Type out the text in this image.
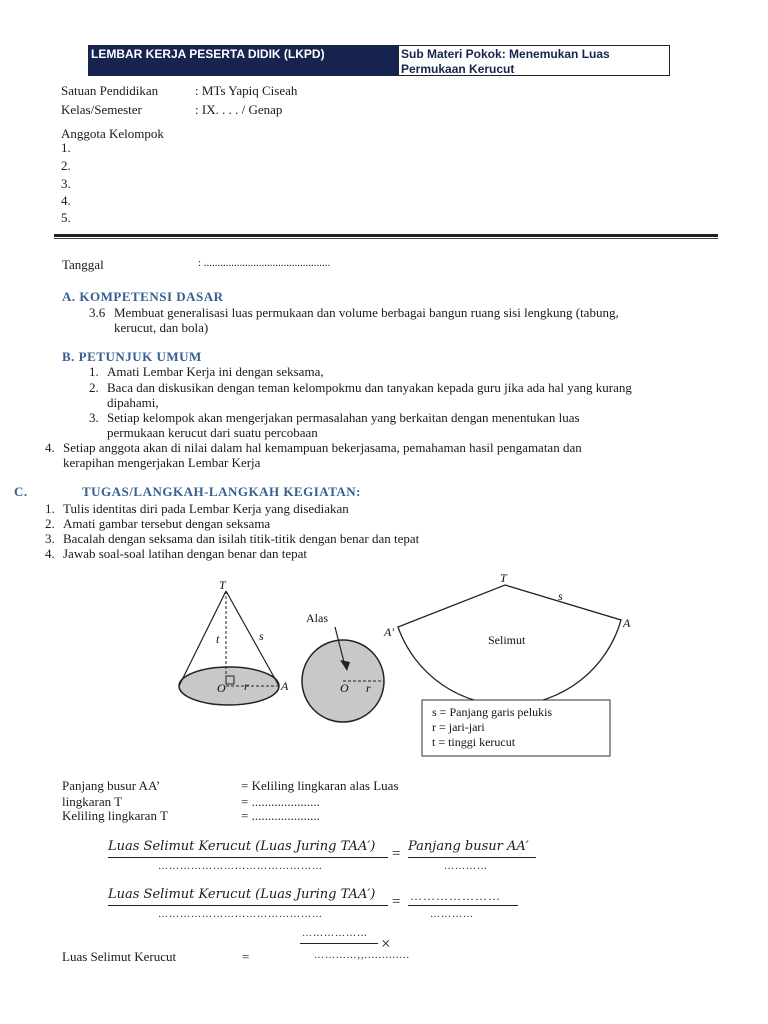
LEMBAR KERJA PESERTA DIDIK (LKPD)	Sub Materi Pokok: Menemukan Luas
Permukaan Kerucut
Satuan Pendidikan	: MTs Yapiq Ciseah
Kelas/Semester	: IX. . . . / Genap
Anggota Kelompok
1.
2.
3.
4.
5.
Tanggal	: ..............................................
A. KOMPETENSI DASAR
3.6 Membuat generalisasi luas permukaan dan volume berbagai bangun ruang sisi lengkung (tabung,
kerucut, dan bola)
B. PETUNJUK UMUM
1. Amati Lembar Kerja ini dengan seksama,
2. Baca dan diskusikan dengan teman kelompokmu dan tanyakan kepada guru jika ada hal yang kurang
dipahami,
3. Setiap kelompok akan mengerjakan permasalahan yang berkaitan dengan menentukan luas
permukaan kerucut dari suatu percobaan
4. Setiap anggota akan di nilai dalam hal kemampuan bekerjasama, pemahaman hasil pengamatan dan
kerapihan mengerjakan Lembar Kerja
C.	TUGAS/LANGKAH-LANGKAH KEGIATAN:
1. Tulis identitas diri pada Lembar Kerja yang disediakan
2. Amati gambar tersebut dengan seksama
3. Bacalah dengan seksama dan isilah titik-titik dengan benar dan tepat
4. Jawab soal-soal latihan dengan benar dan tepat
T
t	s
O r	A
Alas
O r
T
s
A'
A
Selimut
s = Panjang garis pelukis
r = jari-jari
t = tinggi kerucut
Panjang busur AA’	= Keliling lingkaran alas Luas
lingkaran T	= .....................
Keliling lingkaran T	= .....................
Luas Selimut Kerucut (Luas Juring TAA′)
………………………………………
= Panjang busur AA′
…………
Luas Selimut Kerucut (Luas Juring TAA′)
………………………………………
= …………………
…………
Luas Selimut Kerucut	=
………………
×
……...…,,.............
